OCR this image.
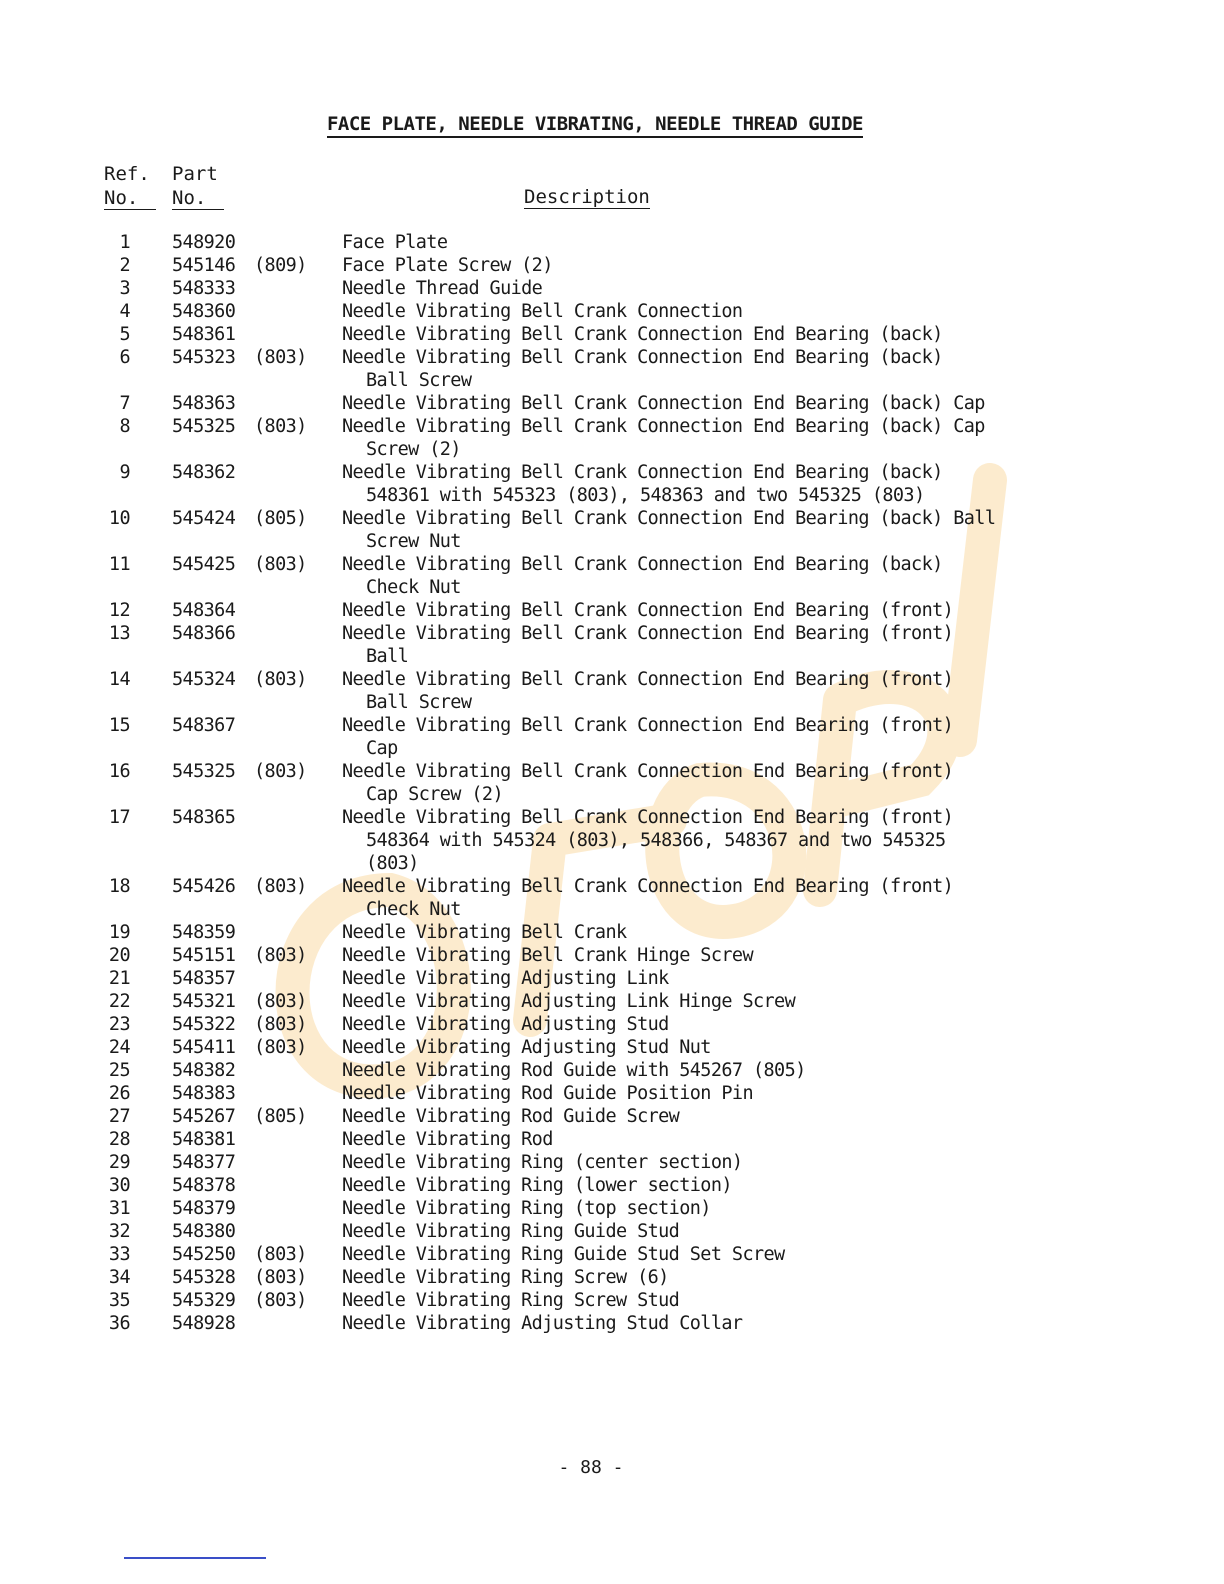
FACE PLATE, NEEDLE VIBRATING, NEEDLE THREAD GUIDE
Ref.
No.
Part
No.	Description
1 548920	Face Plate
2 545146 (809) Face Plate Screw (2)
3 548333	Needle Thread Guide
4 548360	Needle Vibrating Bell Crank Connection
5 548361	Needle Vibrating Bell Crank Connection End Bearing (back)
6 545323 (803) Needle Vibrating Bell Crank Connection End Bearing (back)
Ball Screw
7 548363	Needle Vibrating Bell Crank Connection End Bearing (back) Cap
8 545325 (803) Needle Vibrating Bell Crank Connection End Bearing (back) Cap
Screw (2)
9 548362	Needle Vibrating Bell Crank Connection End Bearing (back)
548361 with 545323 (803), 548363 and two 545325 (803)
10 545424 (805) Needle Vibrating Bell Crank Connection End Bearing (back) Ball
Screw Nut
11 545425 (803) Needle Vibrating Bell Crank Connection End Bearing (back)
Check Nut
12 548364	Needle Vibrating Bell Crank Connection End Bearing (front)
13 548366	Needle Vibrating Bell Crank Connection End Bearing (front)
Ball
14 545324 (803) Needle Vibrating Bell Crank Connection End Bearing (front)
Ball Screw
15 548367	Needle Vibrating Bell Crank Connection End Bearing (front)
Cap
16 545325 (803) Needle Vibrating Bell Crank Connection End Bearing (front)
Cap Screw (2)
17 548365	Needle Vibrating Bell Crank Connection End Bearing (front)
548364 with 545324 (803), 548366, 548367 and two 545325
(803)
18 545426 (803) Needle Vibrating Bell Crank Connection End Bearing (front)
Check Nut
19 548359	Needle Vibrating Bell Crank
20 545151 (803) Needle Vibrating Bell Crank Hinge Screw
21 548357	Needle Vibrating Adjusting Link
22 545321 (803) Needle Vibrating Adjusting Link Hinge Screw
23 545322 (803) Needle Vibrating Adjusting Stud
24 545411 (803) Needle Vibrating Adjusting Stud Nut
25 548382	Needle Vibrating Rod Guide with 545267 (805)
26 548383	Needle Vibrating Rod Guide Position Pin
27 545267 (805) Needle Vibrating Rod Guide Screw
28 548381	Needle Vibrating Rod
29 548377	Needle Vibrating Ring (center section)
30 548378	Needle Vibrating Ring (lower section)
31 548379	Needle Vibrating Ring (top section)
32 548380	Needle Vibrating Ring Guide Stud
33 545250 (803) Needle Vibrating Ring Guide Stud Set Screw
34 545328 (803) Needle Vibrating Ring Screw (6)
35 545329 (803) Needle Vibrating Ring Screw Stud
36 548928	Needle Vibrating Adjusting Stud Collar
- 88 -
